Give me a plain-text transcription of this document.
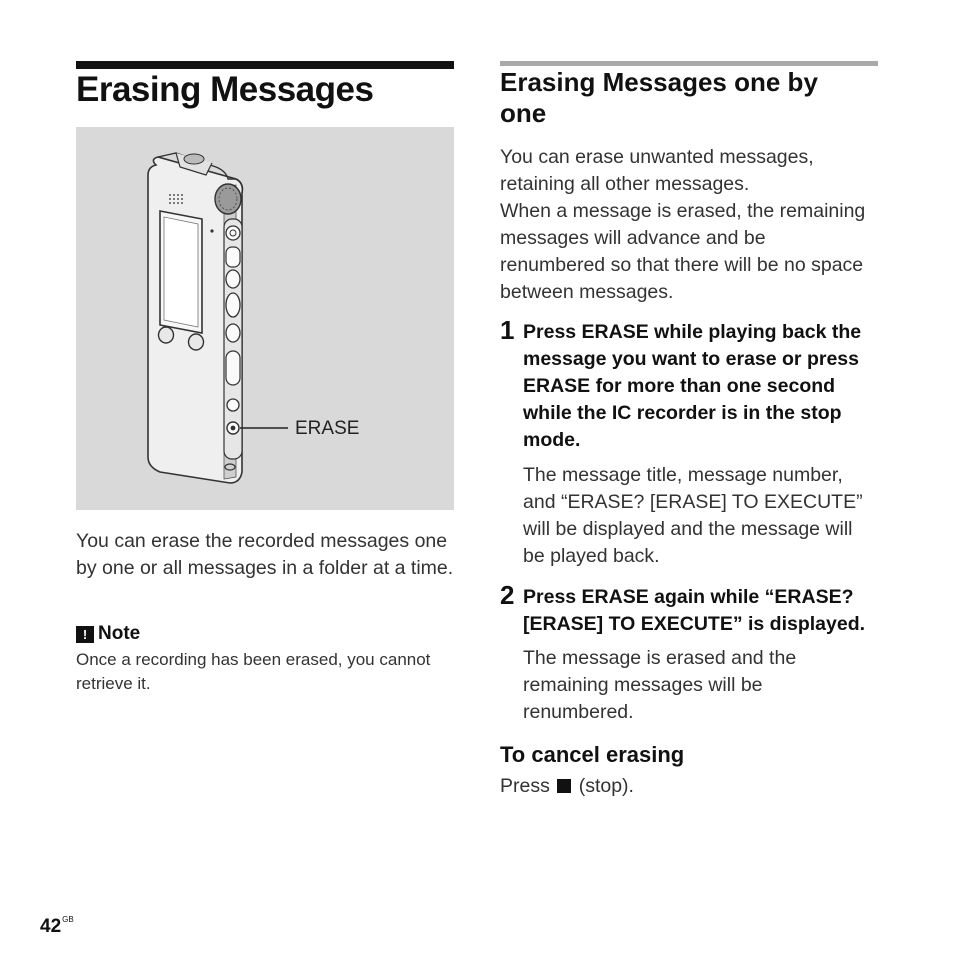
Erasing Messages
ERASE
You can erase the recorded messages one by one or all messages in a folder at a time.
! Note
Once a recording has been erased, you cannot retrieve it.
Erasing Messages one by one
You can erase unwanted messages, retaining all other messages.
When a message is erased, the remaining messages will advance and be renumbered so that there will be no space between messages.
1 Press ERASE while playing back the message you want to erase or press ERASE for more than one second while the IC recorder is in the stop mode.
The message title, message number, and “ERASE? [ERASE] TO EXECUTE” will be displayed and the message will be played back.
2 Press ERASE again while “ERASE? [ERASE] TO EXECUTE” is displayed.
The message is erased and the remaining messages will be renumbered.
To cancel erasing
Press (stop).
$42^{GB}$
